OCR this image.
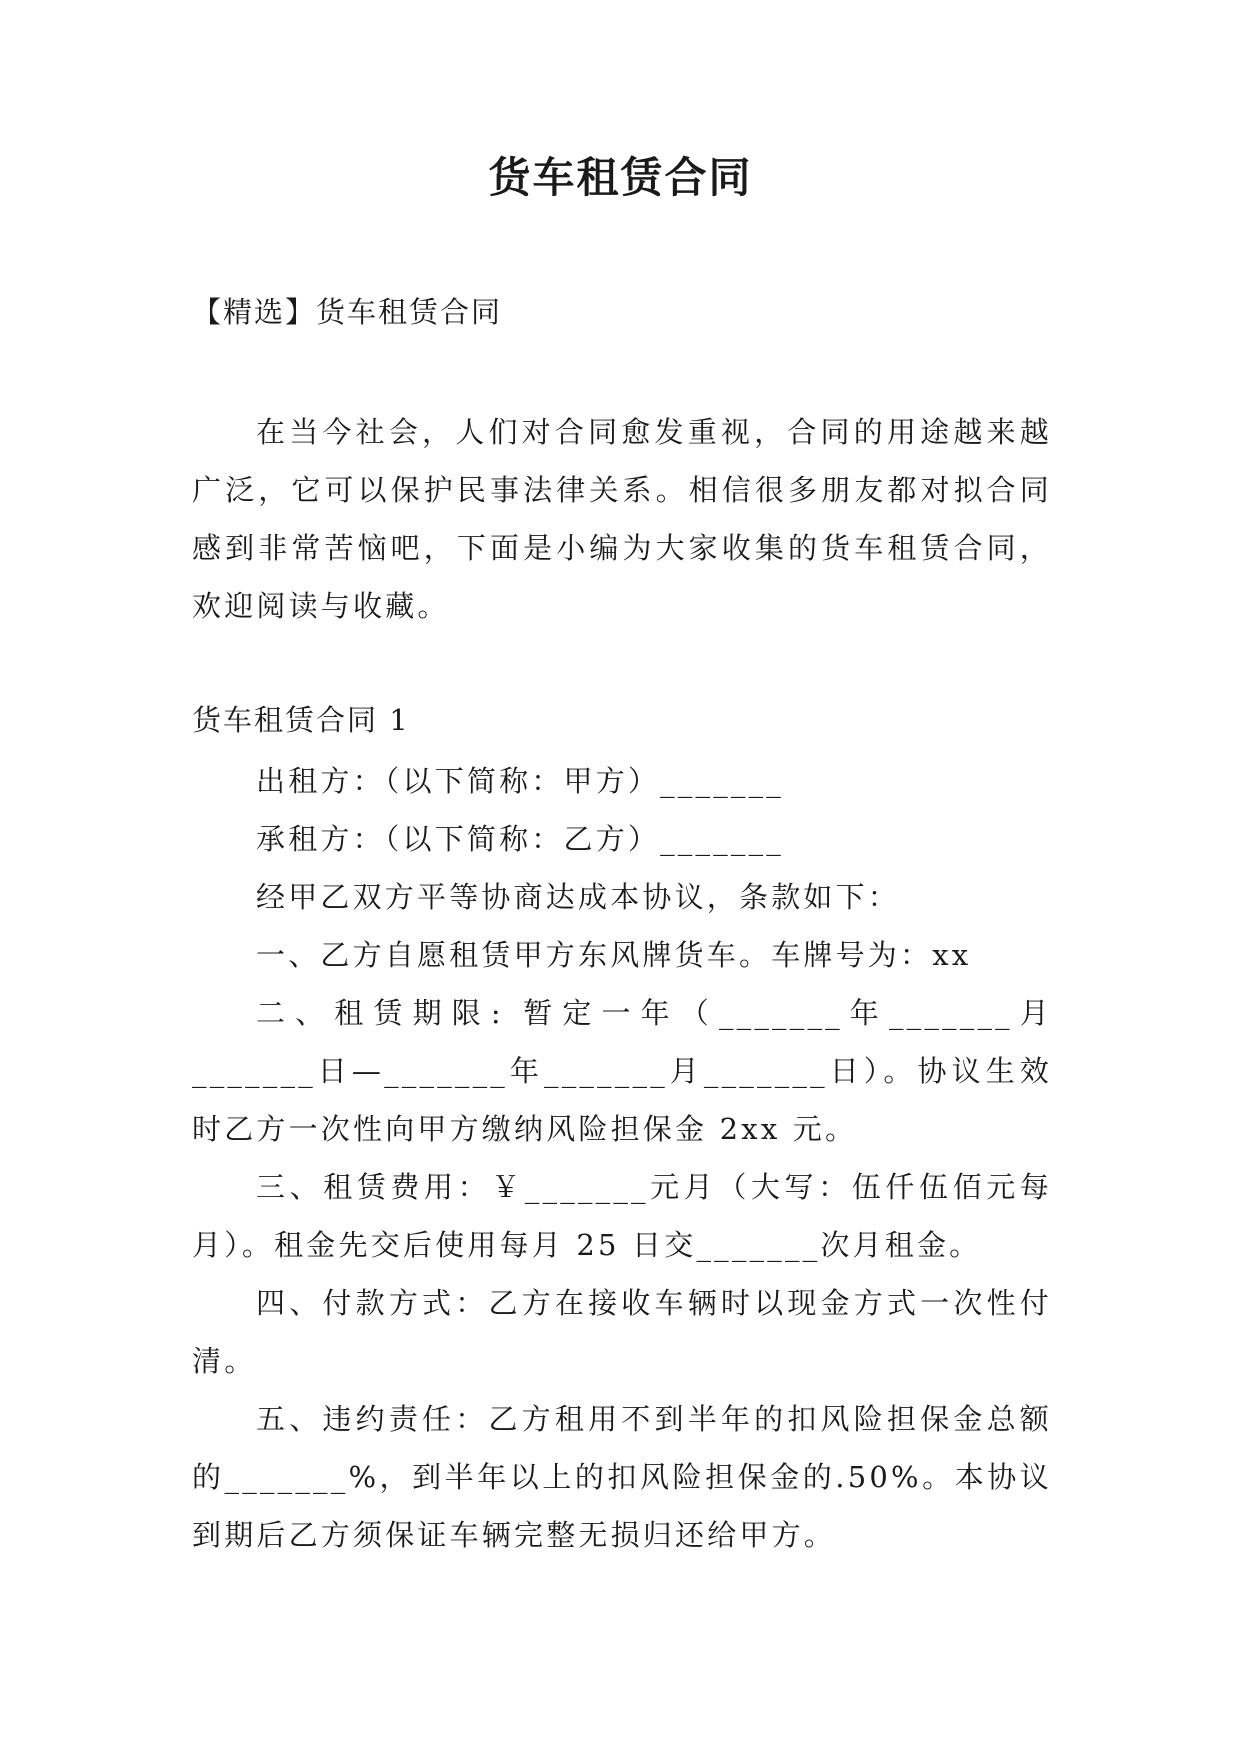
货车租赁合同

【精选】货车租赁合同

在当今社会，人们对合同愈发重视，合同的用途越来越广泛，它可以保护民事法律关系。相信很多朋友都对拟合同感到非常苦恼吧，下面是小编为大家收集的货车租赁合同，欢迎阅读与收藏。

货车租赁合同 1

出租方：（以下简称：甲方）_______

承租方：（以下简称：乙方）_______

经甲乙双方平等协商达成本协议，条款如下：

一、乙方自愿租赁甲方东风牌货车。车牌号为：xx

二、租赁期限: 暂定一年（_______年_______月_______日—_______年_______月_______日）。协议生效时乙方一次性向甲方缴纳风险担保金 2xx 元。

三、租赁费用：￥_______元月（大写：伍仟伍佰元每月）。租金先交后使用每月 25 日交_______次月租金。

四、付款方式：乙方在接收车辆时以现金方式一次性付清。

五、违约责任：乙方租用不到半年的扣风险担保金总额的_______%，到半年以上的扣风险担保金的.50%。本协议到期后乙方须保证车辆完整无损归还给甲方。
